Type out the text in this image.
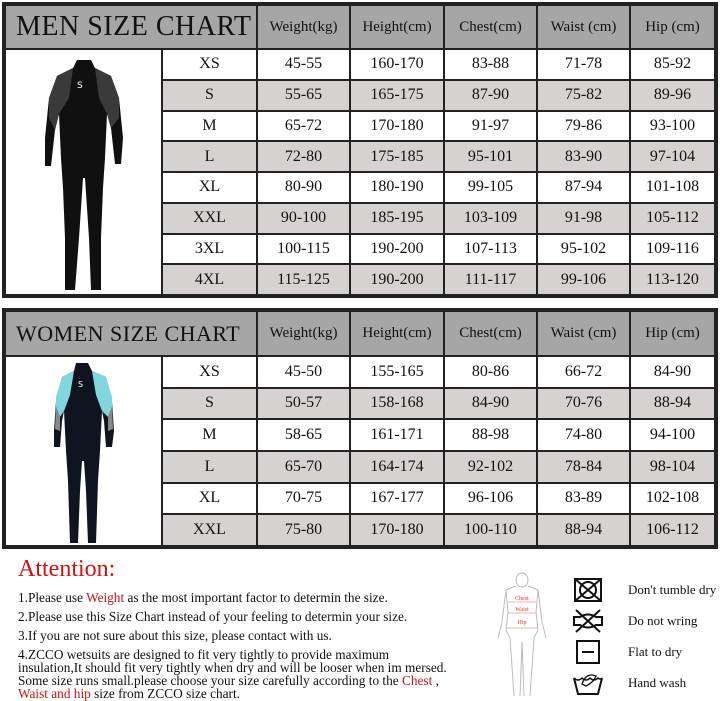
MEN SIZE CHART		Weight(kg)	Height(cm)	Chest(cm)	Waist (cm)	Hip (cm)

S	XS	45-55	160-170	83-88	71-78	85-92
	S	55-65	165-175	87-90	75-82	89-96
	M	65-72	170-180	91-97	79-86	93-100
	L	72-80	175-185	95-101	83-90	97-104
	XL	80-90	180-190	99-105	87-94	101-108
	XXL	90-100	185-195	103-109	91-98	105-112
	3XL	100-115	190-200	107-113	95-102	109-116
	4XL	115-125	190-200	111-117	99-106	113-120
WOMEN SIZE CHART		Weight(kg)	Height(cm)	Chest(cm)	Waist (cm)	Hip (cm)

S	XS	45-50	155-165	80-86	66-72	84-90
	S	50-57	158-168	84-90	70-76	88-94
	M	58-65	161-171	88-98	74-80	94-100
	L	65-70	164-174	92-102	78-84	98-104
	XL	70-75	167-177	96-106	83-89	102-108
	XXL	75-80	170-180	100-110	88-94	106-112
Attention:

1.Please use Weight as the most important factor to determin the size.

2.Please use this Size Chart instead of your feeling to determin your size.

3.If you are not sure about this size, please contact with us.

4.ZCCO wetsuits are designed to fit very tightly to provide maximum

insulation,It should fit very tightly when dry and will be looser when im mersed.

Some size runs small.please choose your size carefully according to the Chest ,

Waist and hip size from ZCCO size chart.

Chest
Waist
Hip
Don't tumble dry
Do not wring
Flat to dry
Hand wash
